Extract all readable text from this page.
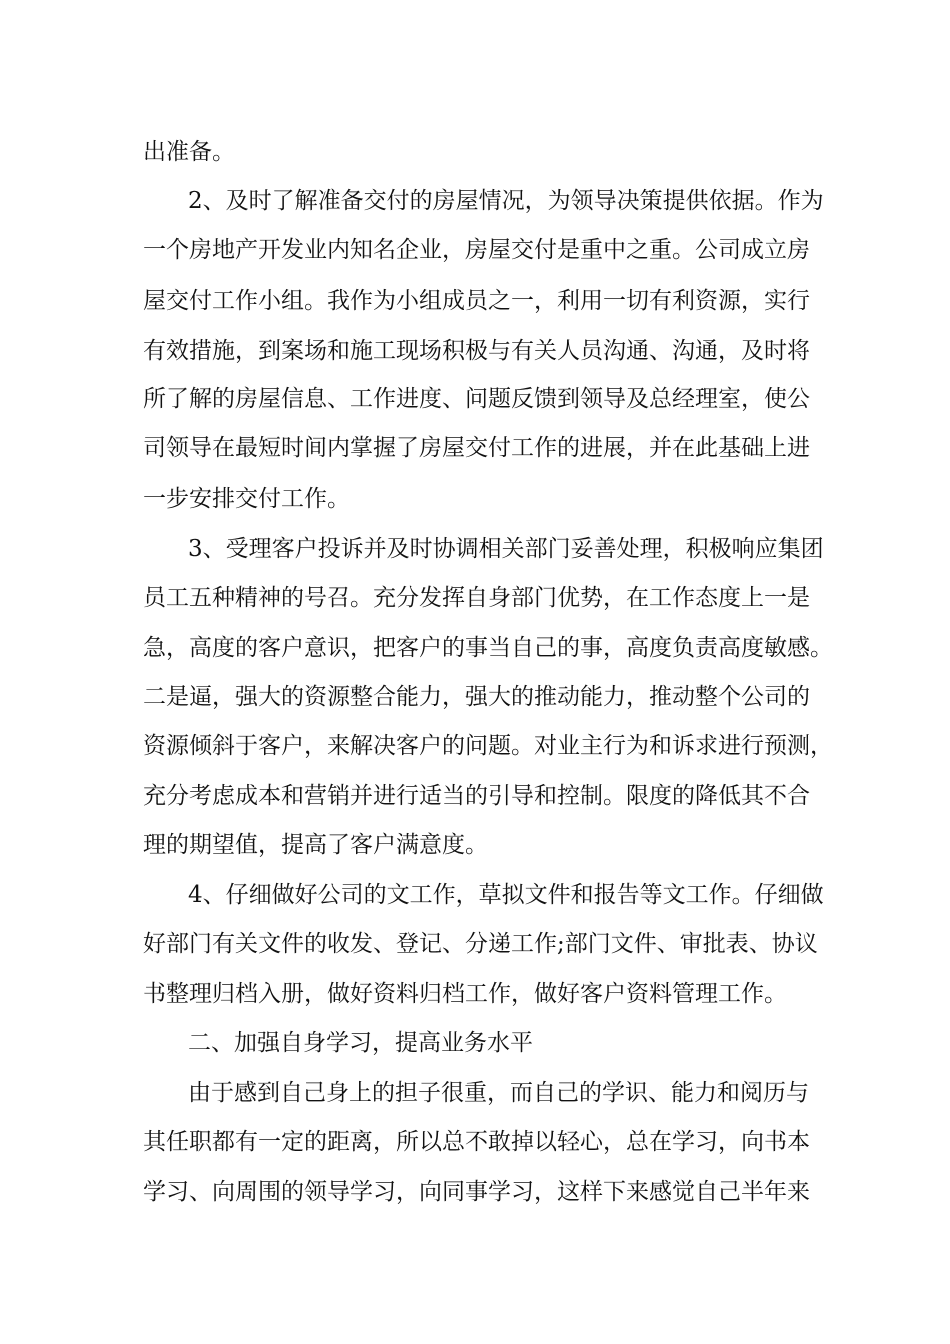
出准备。
2、及时了解准备交付的房屋情况，为领导决策提供依据。作为
一个房地产开发业内知名企业，房屋交付是重中之重。公司成立房
屋交付工作小组。我作为小组成员之一，利用一切有利资源，实行
有效措施，到案场和施工现场积极与有关人员沟通、沟通，及时将
所了解的房屋信息、工作进度、问题反馈到领导及总经理室，使公
司领导在最短时间内掌握了房屋交付工作的进展，并在此基础上进
一步安排交付工作。
3、受理客户投诉并及时协调相关部门妥善处理，积极响应集团
员工五种精神的号召。充分发挥自身部门优势，在工作态度上一是
急，高度的客户意识，把客户的事当自己的事，高度负责高度敏感。
二是逼，强大的资源整合能力，强大的推动能力，推动整个公司的
资源倾斜于客户，来解决客户的问题。对业主行为和诉求进行预测，
充分考虑成本和营销并进行适当的引导和控制。限度的降低其不合
理的期望值，提高了客户满意度。
4、仔细做好公司的文工作，草拟文件和报告等文工作。仔细做
好部门有关文件的收发、登记、分递工作;部门文件、审批表、协议
书整理归档入册，做好资料归档工作，做好客户资料管理工作。
二、加强自身学习，提高业务水平
由于感到自己身上的担子很重，而自己的学识、能力和阅历与
其任职都有一定的距离，所以总不敢掉以轻心，总在学习，向书本
学习、向周围的领导学习，向同事学习，这样下来感觉自己半年来
